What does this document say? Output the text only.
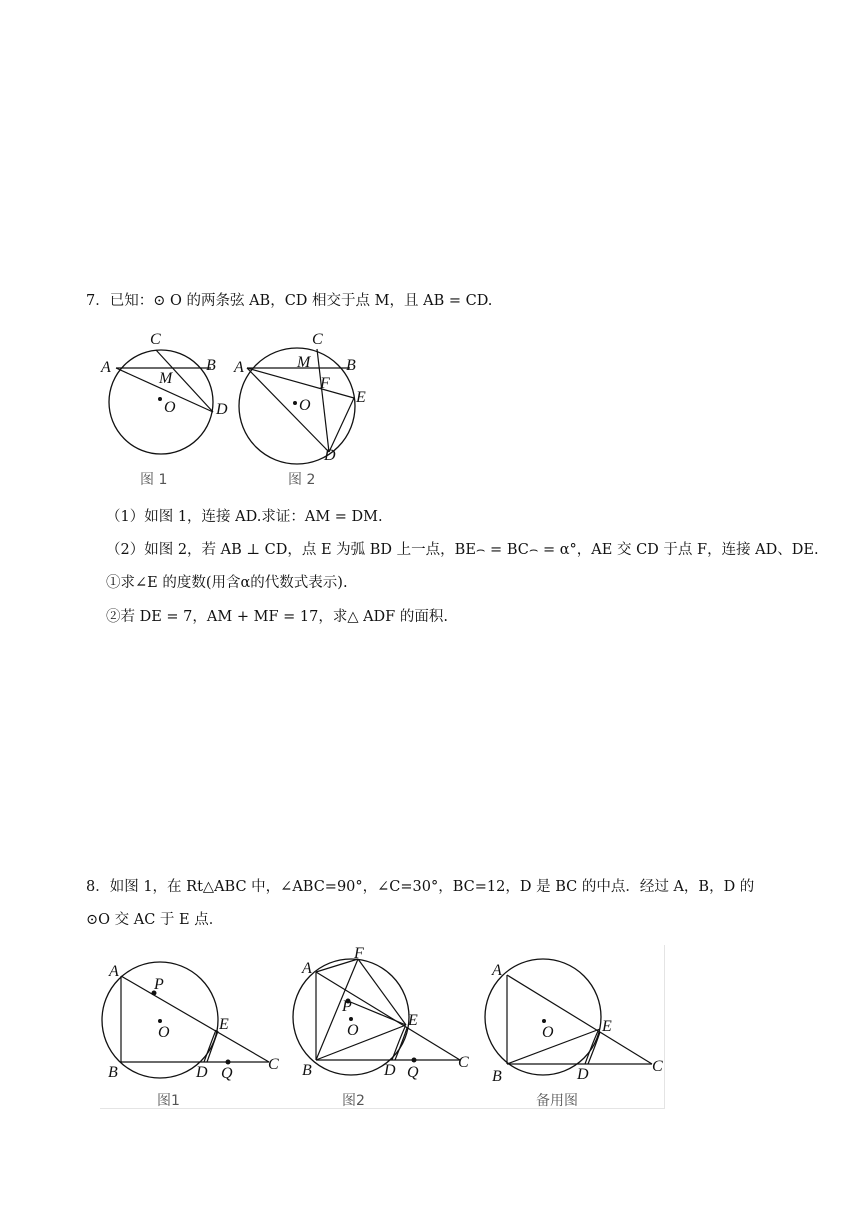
7．已知：⊙ O 的两条弦 AB，CD 相交于点 M，且 AB = CD.
A	B
C
D
M
O
图 1
A	B
C
D
E
M
F
O
图 2
（1）如图 1，连接 AD.求证：AM = DM.
（2）如图 2，若 AB ⊥ CD，点 E 为弧 BD 上一点，BE⌢ = BC⌢ = α°，AE 交 CD 于点 F，连接 AD、DE.
①求∠E 的度数(用含α的代数式表示).
②若 DE = 7，AM + MF = 17，求△ ADF 的面积.
8．如图 1，在 Rt△ABC 中，∠ABC=90°，∠C=30°，BC=12，D 是 BC 的中点．经过 A，B，D 的
⊙O 交 AC 于 E 点．
A
B	C
D
E
P
Q
O
图1
A
B	C
D
E
F
P
Q
O
图2
A
B
C
D
E
O
备用图
